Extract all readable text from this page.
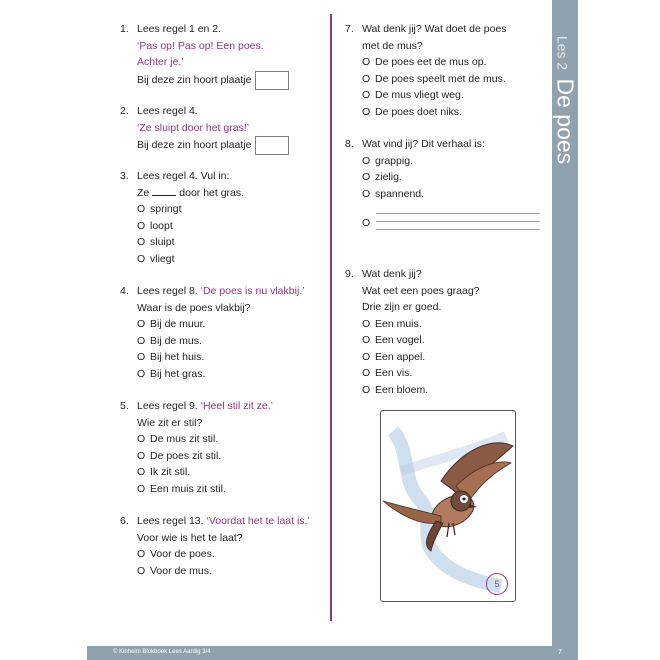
Les 2 De poes
1. Lees regel 1 en 2.
‘Pas op! Pas op! Een poes.
Achter je.’
Bij deze zin hoort plaatje
2. Lees regel 4.
‘Ze sluipt door het gras!’
Bij deze zin hoort plaatje
3. Lees regel 4. Vul in:
Ze	door het gras.
O springt
O loopt
O sluipt
O vliegt
4. Lees regel 8. ‘De poes is nu vlakbij.’
Waar is de poes vlakbij?
O Bij de muur.
O Bij de mus.
O Bij het huis.
O Bij het gras.
5. Lees regel 9. ‘Heel stil zit ze.’
Wie zit er stil?
O De mus zit stil.
O De poes zit stil.
O Ik zit stil.
O Een muis zit stil.
6. Lees regel 13. ‘Voordat het te laat is.’
Voor wie is het te laat?
O Voor de poes.
O Voor de mus.
7. Wat denk jij? Wat doet de poes
met de mus?
O De poes eet de mus op.
O De poes speelt met de mus.
O De mus vliegt weg.
O De poes doet niks.
8. Wat vind jij? Dit verhaal is:
O grappig.
O zielig.
O spannend.
O
9. Wat denk jij?
Wat eet een poes graag?
Drie zijn er goed.
O Een muis.
O Een vogel.
O Een appel.
O Een vis.
O Een bloem.
5
© Kinheim Blokboek Lees Aardig 3/4	7
